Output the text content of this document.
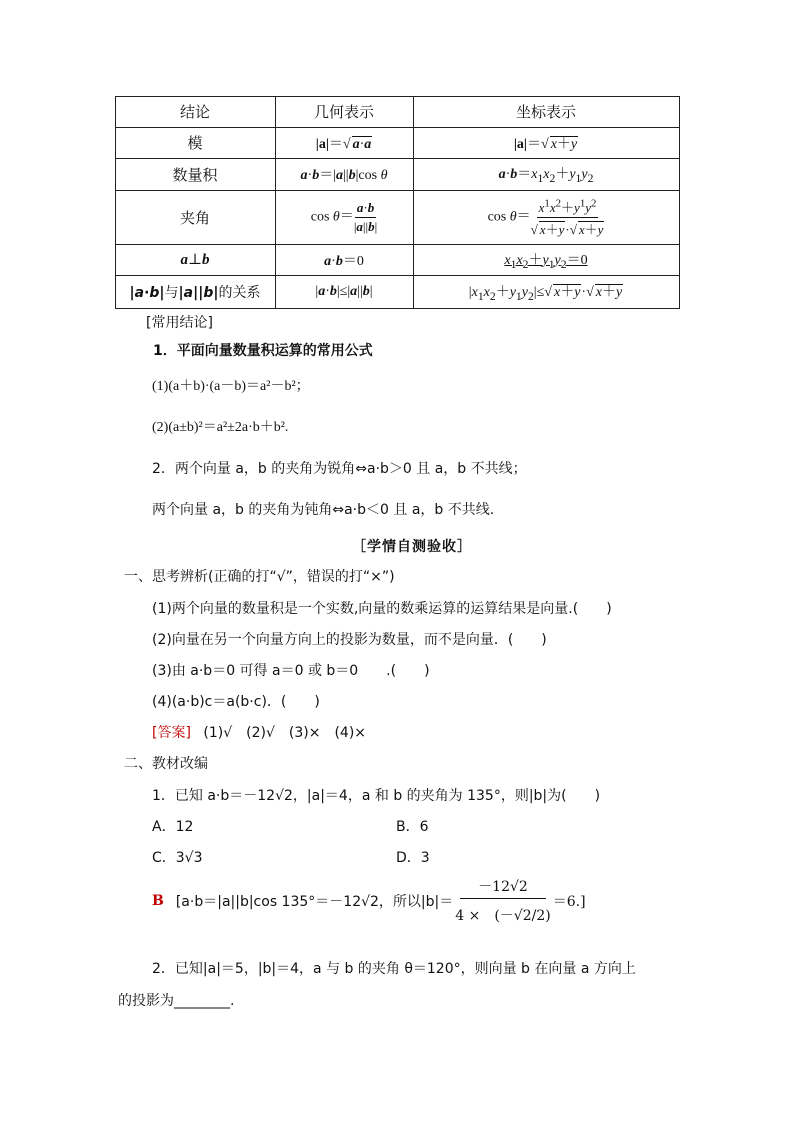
结论	几何表示	坐标表示
模	|a|＝√ a·a	|a|＝√ x＋y
数量积	a·b＝|a||b|cos θ	$a\cdot b=x_1x_2+y_1y_2$
夹角	$\cos \theta= \frac{a\cdot b}{|a||b|}$	$\cos \theta= \frac{x^1x^2+y^1y^2}{√ x+y\cdot√ x+y}$
a⊥b	a·b＝0	$x_1x_2+y_1y_2=0$
|a·b|与|a||b|的关系	|a·b|≤|a||b|	$|x_1x_2+y_1y_2|\le√$ x＋y·√ x＋y
[常用结论]
1．平面向量数量积运算的常用公式
(1)(a＋b)·(a－b)＝a²－b²；
(2)(a±b)²＝a²±2a·b＋b².
2．两个向量 a，b 的夹角为锐角⇔a·b＞0 且 a，b 不共线；
两个向量 a，b 的夹角为钝角⇔a·b＜0 且 a，b 不共线.
［学情自测验收］
一、思考辨析(正确的打“√”，错误的打“×”)
(1)两个向量的数量积是一个实数,向量的数乘运算的运算结果是向量.(　　)
(2)向量在另一个向量方向上的投影为数量，而不是向量．(　　)
(3)由 a·b＝0 可得 a＝0 或 b＝0　　.(　　)
(4)(a·b)c＝a(b·c)．(　　)
[答案] (1)√　(2)√　(3)×　(4)×
二、教材改编
1．已知 a·b＝－12√2，|a|＝4，a 和 b 的夹角为 135°，则|b|为(　　)
A．12	B．6
C．3√3	D．3
B [a·b＝|a||b|cos 135°＝－12√2，所以$|b|= \frac{-12√2}{4 \times (-√2/2)} =6$.]
2．已知|a|＝5，|b|＝4，a 与 b 的夹角 θ＝120°，则向量 b 在向量 a 方向上
的投影为________.
